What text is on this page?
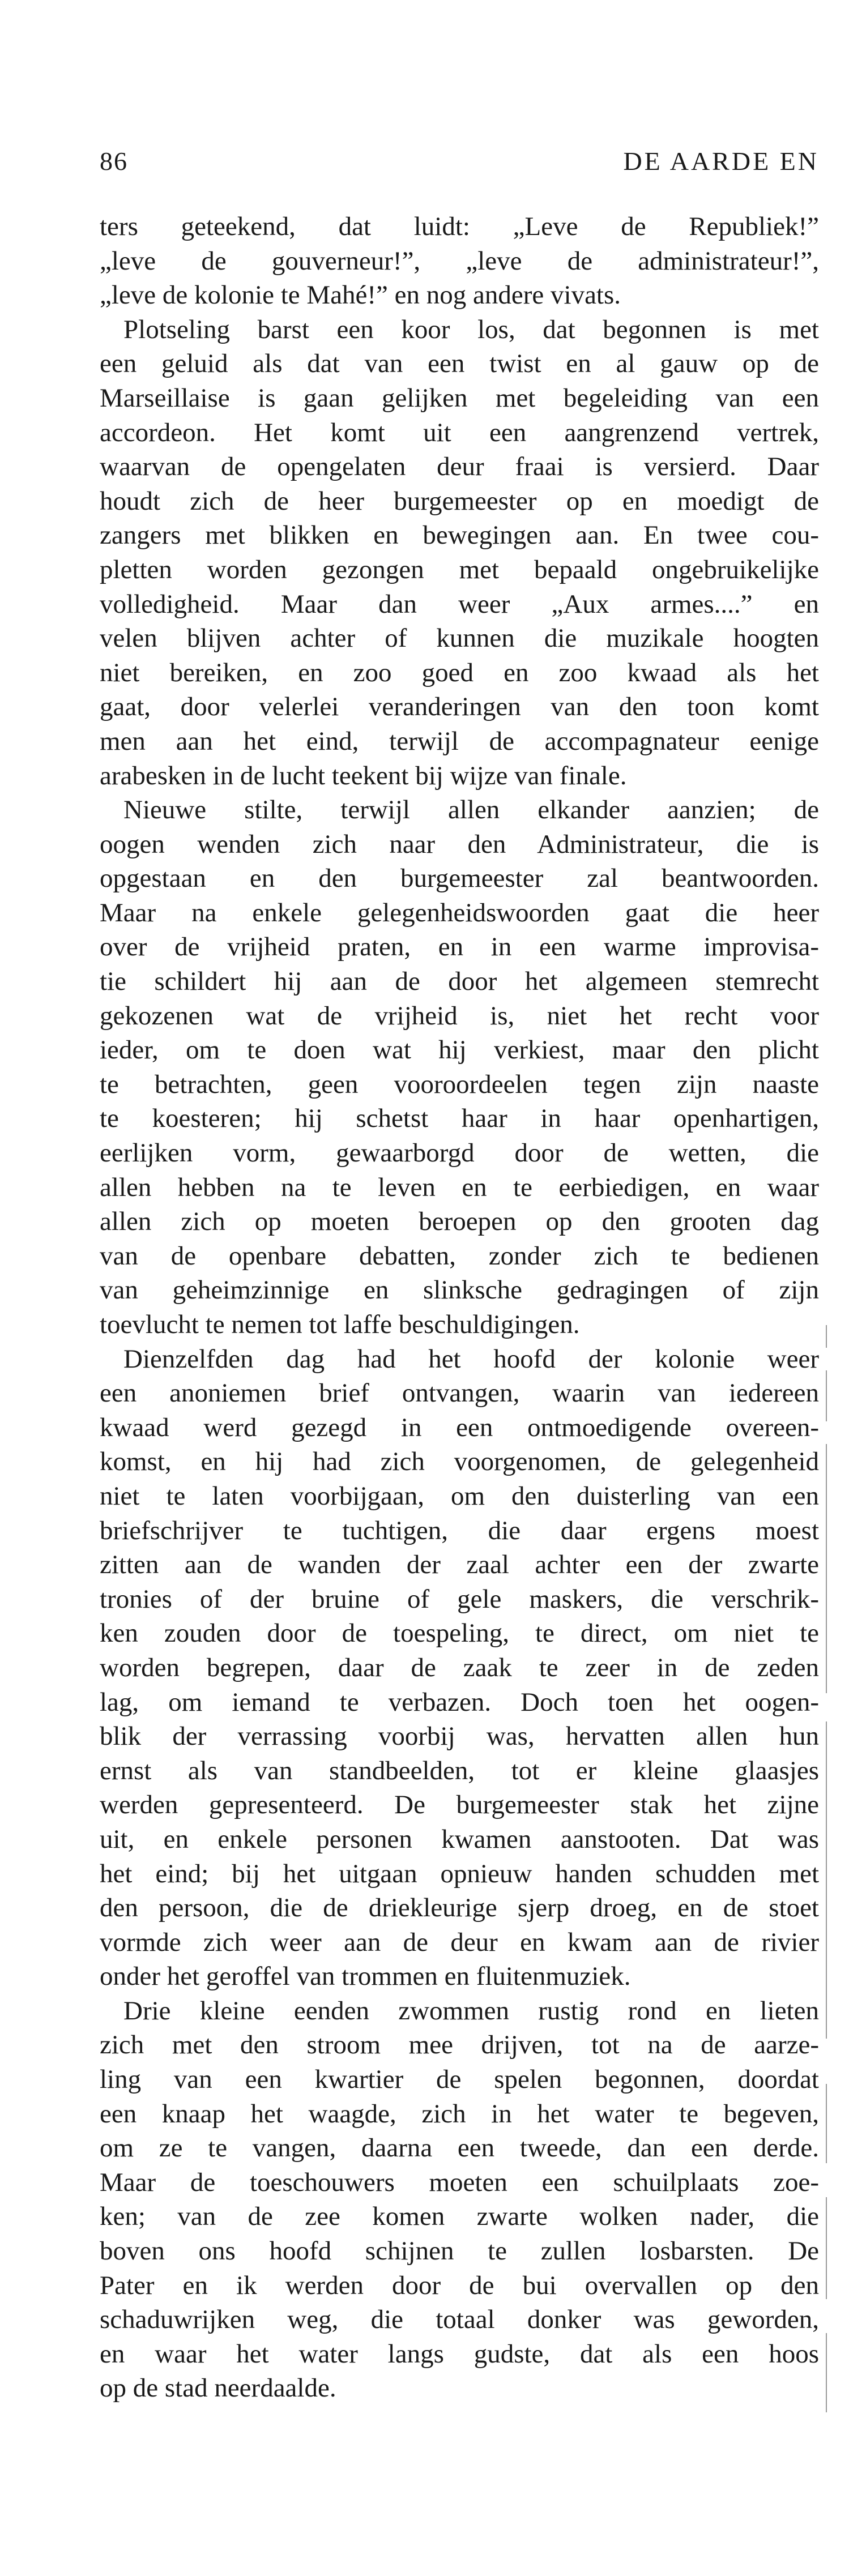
86	DE AARDE EN
ters geteekend, dat luidt: „Leve de Republiek!”
„leve de gouverneur!”, „leve de administrateur!”,
„leve de kolonie te Mahé!” en nog andere vivats.
Plotseling barst een koor los, dat begonnen is met
een geluid als dat van een twist en al gauw op de
Marseillaise is gaan gelijken met begeleiding van een
accordeon. Het komt uit een aangrenzend vertrek,
waarvan de opengelaten deur fraai is versierd. Daar
houdt zich de heer burgemeester op en moedigt de
zangers met blikken en bewegingen aan. En twee cou-
pletten worden gezongen met bepaald ongebruikelijke
volledigheid. Maar dan weer „Aux armes....” en
velen blijven achter of kunnen die muzikale hoogten
niet bereiken, en zoo goed en zoo kwaad als het
gaat, door velerlei veranderingen van den toon komt
men aan het eind, terwijl de accompagnateur eenige
arabesken in de lucht teekent bij wijze van finale.
Nieuwe stilte, terwijl allen elkander aanzien; de
oogen wenden zich naar den Administrateur, die is
opgestaan en den burgemeester zal beantwoorden.
Maar na enkele gelegenheidswoorden gaat die heer
over de vrijheid praten, en in een warme improvisa-
tie schildert hij aan de door het algemeen stemrecht
gekozenen wat de vrijheid is, niet het recht voor
ieder, om te doen wat hij verkiest, maar den plicht
te betrachten, geen vooroordeelen tegen zijn naaste
te koesteren; hij schetst haar in haar openhartigen,
eerlijken vorm, gewaarborgd door de wetten, die
allen hebben na te leven en te eerbiedigen, en waar
allen zich op moeten beroepen op den grooten dag
van de openbare debatten, zonder zich te bedienen
van geheimzinnige en slinksche gedragingen of zijn
toevlucht te nemen tot laffe beschuldigingen.
Dienzelfden dag had het hoofd der kolonie weer
een anoniemen brief ontvangen, waarin van iedereen
kwaad werd gezegd in een ontmoedigende overeen-
komst, en hij had zich voorgenomen, de gelegenheid
niet te laten voorbijgaan, om den duisterling van een
briefschrijver te tuchtigen, die daar ergens moest
zitten aan de wanden der zaal achter een der zwarte
tronies of der bruine of gele maskers, die verschrik-
ken zouden door de toespeling, te direct, om niet te
worden begrepen, daar de zaak te zeer in de zeden
lag, om iemand te verbazen. Doch toen het oogen-
blik der verrassing voorbij was, hervatten allen hun
ernst als van standbeelden, tot er kleine glaasjes
werden gepresenteerd. De burgemeester stak het zijne
uit, en enkele personen kwamen aanstooten. Dat was
het eind; bij het uitgaan opnieuw handen schudden met
den persoon, die de driekleurige sjerp droeg, en de stoet
vormde zich weer aan de deur en kwam aan de rivier
onder het geroffel van trommen en fluitenmuziek.
Drie kleine eenden zwommen rustig rond en lieten
zich met den stroom mee drijven, tot na de aarze-
ling van een kwartier de spelen begonnen, doordat
een knaap het waagde, zich in het water te begeven,
om ze te vangen, daarna een tweede, dan een derde.
Maar de toeschouwers moeten een schuilplaats zoe-
ken; van de zee komen zwarte wolken nader, die
boven ons hoofd schijnen te zullen losbarsten. De
Pater en ik werden door de bui overvallen op den
schaduwrijken weg, die totaal donker was geworden,
en waar het water langs gudste, dat als een hoos
op de stad neerdaalde.
